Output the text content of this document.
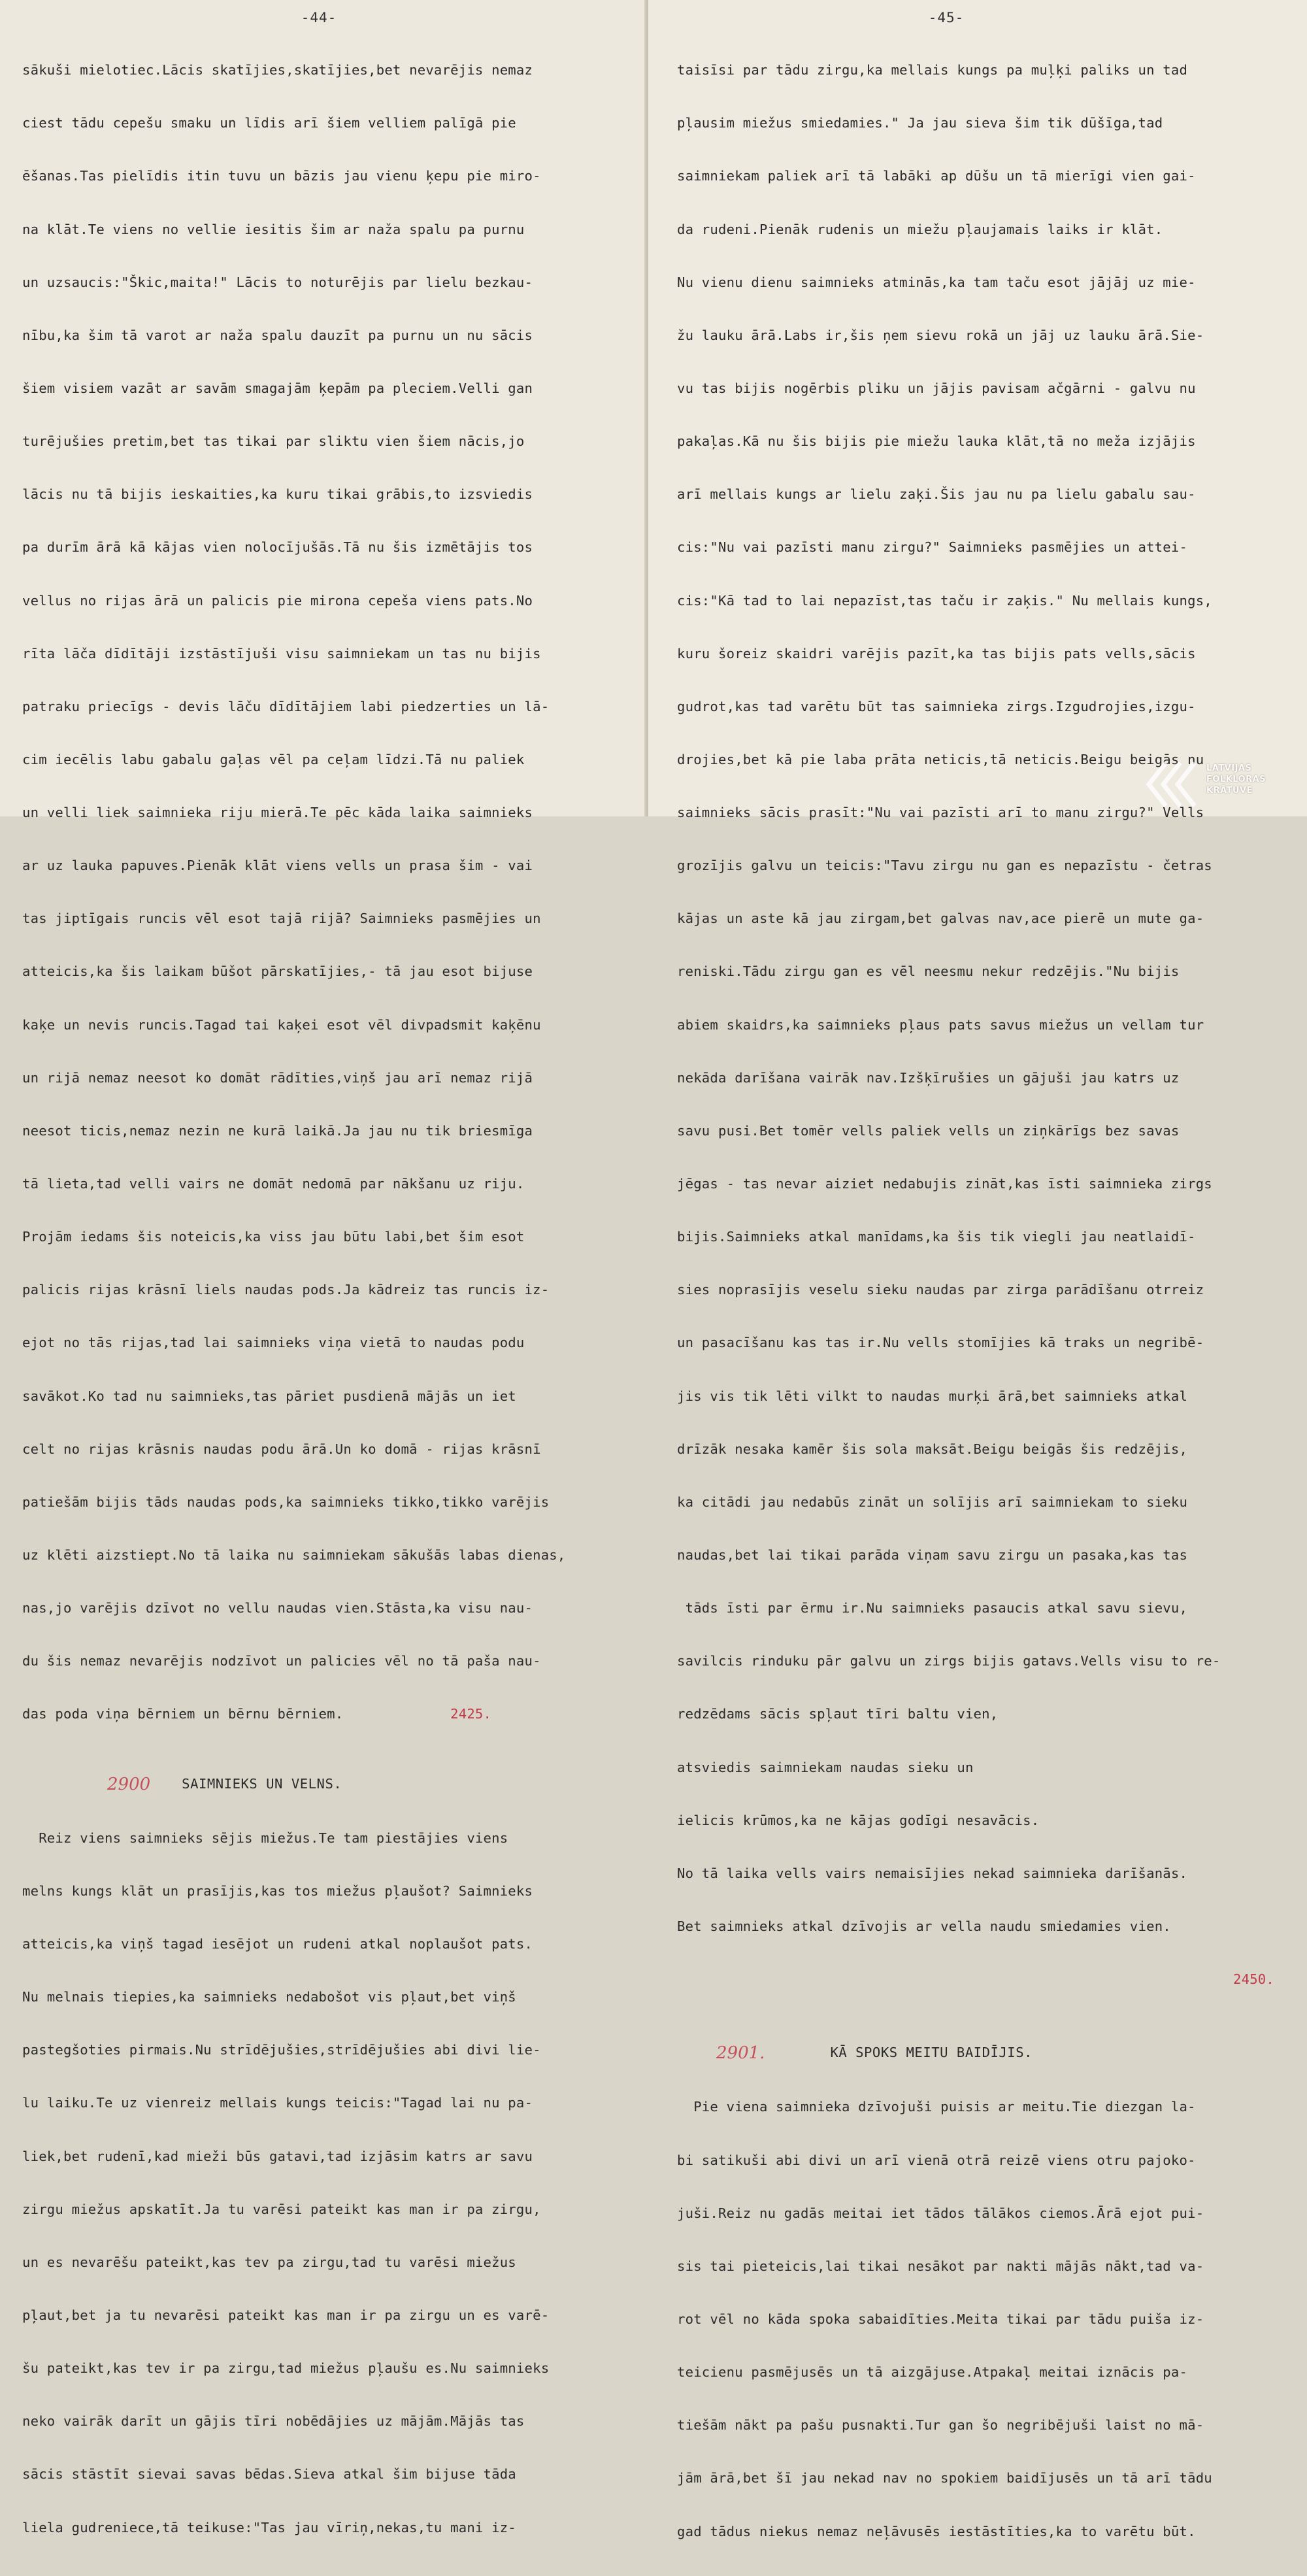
-44-

sākuši mielotiec.Lācis skatījies,skatījies,bet nevarējis nemaz

ciest tādu cepešu smaku un līdis arī šiem velliem palīgā pie

ēšanas.Tas pielīdis itin tuvu un bāzis jau vienu ķepu pie miro-

na klāt.Te viens no vellie iesitis šim ar naža spalu pa purnu

un uzsaucis:"Škic,maita!" Lācis to noturējis par lielu bezkau-

nību,ka šim tā varot ar naža spalu dauzīt pa purnu un nu sācis

šiem visiem vazāt ar savām smagajām ķepām pa pleciem.Velli gan

turējušies pretim,bet tas tikai par sliktu vien šiem nācis,jo

lācis nu tā bijis ieskaities,ka kuru tikai grābis,to izsviedis

pa durīm ārā kā kājas vien nolocījušās.Tā nu šis izmētājis tos

vellus no rijas ārā un palicis pie mirona cepeša viens pats.No

rīta lāča dīdītāji izstāstījuši visu saimniekam un tas nu bijis

patraku priecīgs - devis lāču dīdītājiem labi piedzerties un lā-

cim iecēlis labu gabalu gaļas vēl pa ceļam līdzi.Tā nu paliek

un velli liek saimnieka riju mierā.Te pēc kāda laika saimnieks

ar uz lauka papuves.Pienāk klāt viens vells un prasa šim - vai

tas jiptīgais runcis vēl esot tajā rijā? Saimnieks pasmējies un

atteicis,ka šis laikam būšot pārskatījies,- tā jau esot bijuse

kaķe un nevis runcis.Tagad tai kaķei esot vēl divpadsmit kaķēnu

un rijā nemaz neesot ko domāt rādīties,viņš jau arī nemaz rijā

neesot ticis,nemaz nezin ne kurā laikā.Ja jau nu tik briesmīga

tā lieta,tad velli vairs ne domāt nedomā par nākšanu uz riju.

Projām iedams šis noteicis,ka viss jau būtu labi,bet šim esot

palicis rijas krāsnī liels naudas pods.Ja kādreiz tas runcis iz-

ejot no tās rijas,tad lai saimnieks viņa vietā to naudas podu

savākot.Ko tad nu saimnieks,tas pāriet pusdienā mājās un iet

celt no rijas krāsnis naudas podu ārā.Un ko domā - rijas krāsnī

patiešām bijis tāds naudas pods,ka saimnieks tikko,tikko varējis

uz klēti aizstiept.No tā laika nu saimniekam sākušās labas dienas,

nas,jo varējis dzīvot no vellu naudas vien.Stāsta,ka visu nau-

du šis nemaz nevarējis nodzīvot un palicies vēl no tā paša nau-

das poda viņa bērniem un bērnu bērniem.	2425.

2900 SAIMNIEKS UN VELNS.

Reiz viens saimnieks sējis miežus.Te tam piestājies viens

melns kungs klāt un prasījis,kas tos miežus pļaušot? Saimnieks

atteicis,ka viņš tagad iesējot un rudeni atkal noplaušot pats.

Nu melnais tiepies,ka saimnieks nedabošot vis pļaut,bet viņš

pastegšoties pirmais.Nu strīdējušies,strīdējušies abi divi lie-

lu laiku.Te uz vienreiz mellais kungs teicis:"Tagad lai nu pa-

liek,bet rudenī,kad mieži būs gatavi,tad izjāsim katrs ar savu

zirgu miežus apskatīt.Ja tu varēsi pateikt kas man ir pa zirgu,

un es nevarēšu pateikt,kas tev pa zirgu,tad tu varēsi miežus

pļaut,bet ja tu nevarēsi pateikt kas man ir pa zirgu un es varē-

šu pateikt,kas tev ir pa zirgu,tad miežus pļaušu es.Nu saimnieks

neko vairāk darīt un gājis tīri nobēdājies uz mājām.Mājās tas

sācis stāstīt sievai savas bēdas.Sieva atkal šim bijuse tāda

liela gudreniece,tā teikuse:"Tas jau vīriņ,nekas,tu mani iz-

-45-

taisīsi par tādu zirgu,ka mellais kungs pa muļķi paliks un tad

pļausim miežus smiedamies." Ja jau sieva šim tik dūšīga,tad

saimniekam paliek arī tā labāki ap dūšu un tā mierīgi vien gai-

da rudeni.Pienāk rudenis un miežu pļaujamais laiks ir klāt.

Nu vienu dienu saimnieks atminās,ka tam taču esot jājāj uz mie-

žu lauku ārā.Labs ir,šis ņem sievu rokā un jāj uz lauku ārā.Sie-

vu tas bijis nogērbis pliku un jājis pavisam ačgārni - galvu nu

pakaļas.Kā nu šis bijis pie miežu lauka klāt,tā no meža izjājis

arī mellais kungs ar lielu zaķi.Šis jau nu pa lielu gabalu sau-

cis:"Nu vai pazīsti manu zirgu?" Saimnieks pasmējies un attei-

cis:"Kā tad to lai nepazīst,tas taču ir zaķis." Nu mellais kungs,

kuru šoreiz skaidri varējis pazīt,ka tas bijis pats vells,sācis

gudrot,kas tad varētu būt tas saimnieka zirgs.Izgudrojies,izgu-

drojies,bet kā pie laba prāta neticis,tā neticis.Beigu beigās nu

saimnieks sācis prasīt:"Nu vai pazīsti arī to manu zirgu?" Vells

grozījis galvu un teicis:"Tavu zirgu nu gan es nepazīstu - četras

kājas un aste kā jau zirgam,bet galvas nav,ace pierē un mute ga-

reniski.Tādu zirgu gan es vēl neesmu nekur redzējis."Nu bijis

abiem skaidrs,ka saimnieks pļaus pats savus miežus un vellam tur

nekāda darīšana vairāk nav.Izšķīrušies un gājuši jau katrs uz

savu pusi.Bet tomēr vells paliek vells un ziņkārīgs bez savas

jēgas - tas nevar aiziet nedabujis zināt,kas īsti saimnieka zirgs

bijis.Saimnieks atkal manīdams,ka šis tik viegli jau neatlaidī-

sies noprasījis veselu sieku naudas par zirga parādīšanu otrreiz

un pasacīšanu kas tas ir.Nu vells stomījies kā traks un negribē-

jis vis tik lēti vilkt to naudas murķi ārā,bet saimnieks atkal

drīzāk nesaka kamēr šis sola maksāt.Beigu beigās šis redzējis,

ka citādi jau nedabūs zināt un solījis arī saimniekam to sieku

naudas,bet lai tikai parāda viņam savu zirgu un pasaka,kas tas

tāds īsti par ērmu ir.Nu saimnieks pasaucis atkal savu sievu,

savilcis rinduku pār galvu un zirgs bijis gatavs.Vells visu to re-

redzēdams sācis spļaut tīri baltu vien,

atsviedis saimniekam naudas sieku un

ielicis krūmos,ka ne kājas godīgi nesavācis.

No tā laika vells vairs nemaisījies nekad saimnieka darīšanās.

Bet saimnieks atkal dzīvojis ar vella naudu smiedamies vien.

2450.

2901.	KĀ SPOKS MEITU BAIDĪJIS.

Pie viena saimnieka dzīvojuši puisis ar meitu.Tie diezgan la-

bi satikuši abi divi un arī vienā otrā reizē viens otru pajoko-

juši.Reiz nu gadās meitai iet tādos tālākos ciemos.Ārā ejot pui-

sis tai pieteicis,lai tikai nesākot par nakti mājās nākt,tad va-

rot vēl no kāda spoka sabaidīties.Meita tikai par tādu puiša iz-

teicienu pasmējusēs un tā aizgājuse.Atpakaļ meitai iznācis pa-

tiešām nākt pa pašu pusnakti.Tur gan šo negribējuši laist no mā-

jām ārā,bet šī jau nekad nav no spokiem baidījusēs un tā arī tādu

gad tādus niekus nemaz neļāvusēs iestāstīties,ka to varētu būt.

LATVIJAS
FOLKLORAS
KRĀTUVE
